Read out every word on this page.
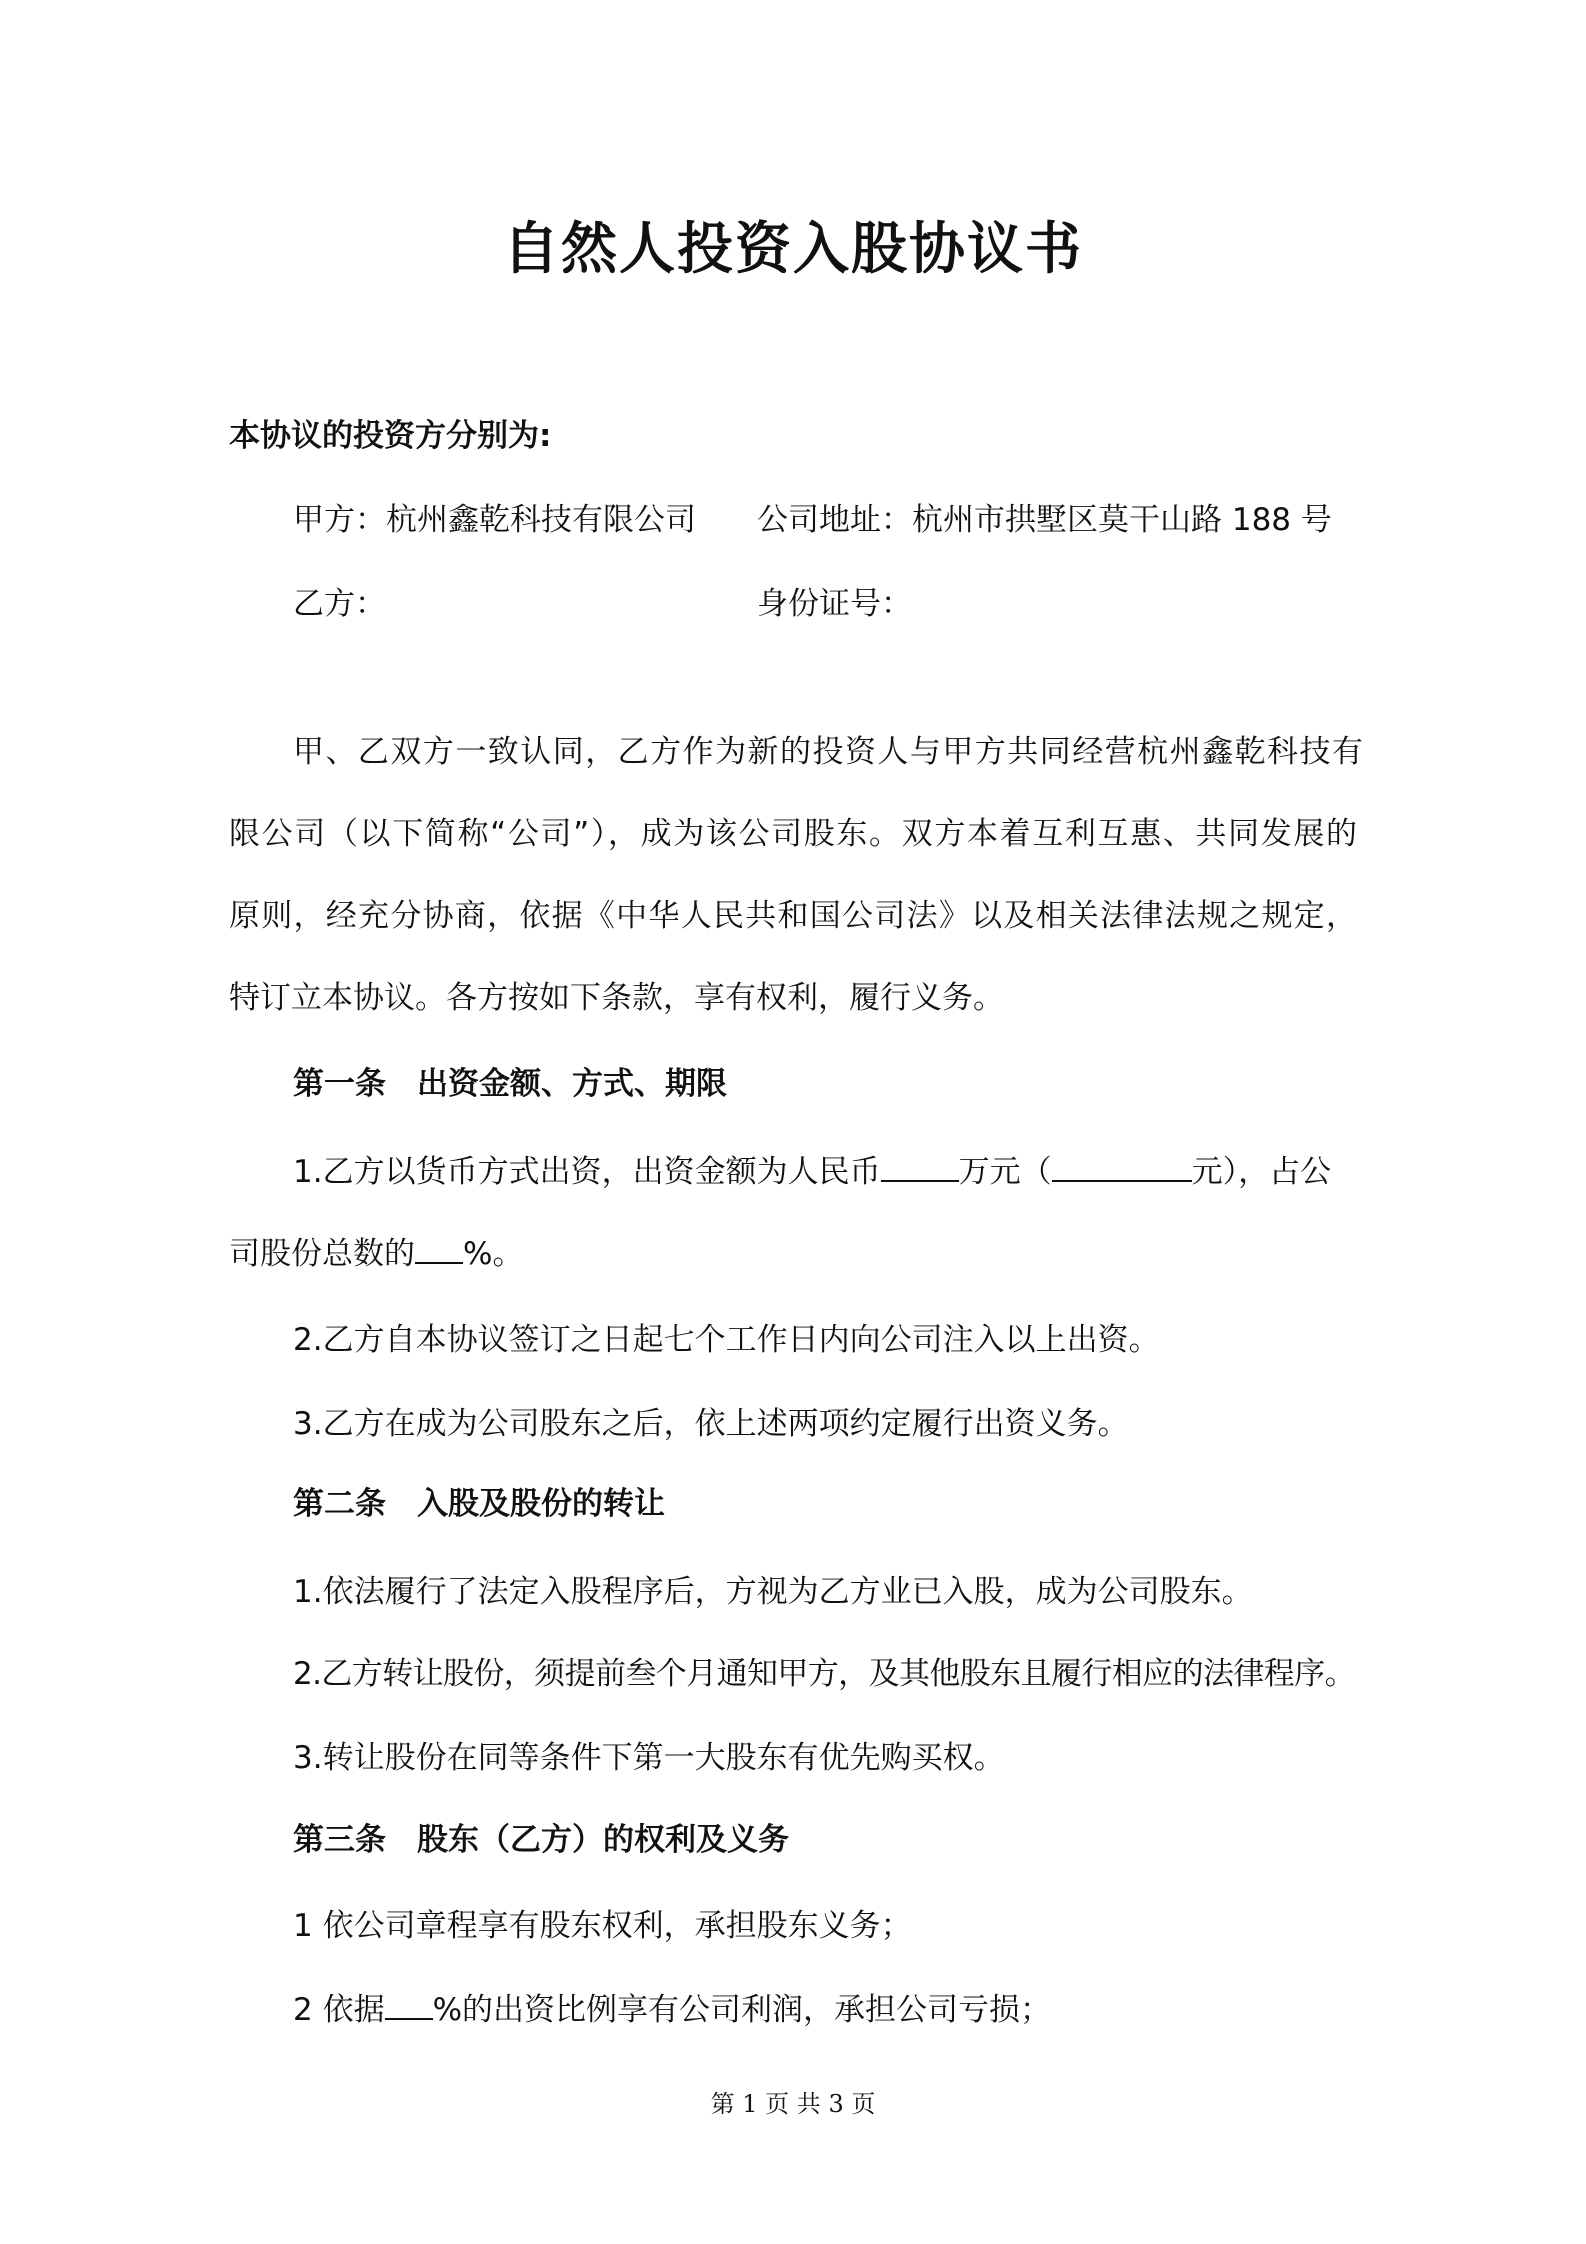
自然人投资入股协议书
本协议的投资方分别为:
甲方：杭州鑫乾科技有限公司 公司地址：杭州市拱墅区莫干山路 188 号
乙方：	身份证号：
甲、乙双方一致认同，乙方作为新的投资人与甲方共同经营杭州鑫乾科技有
限公司（以下简称“公司”），成为该公司股东。双方本着互利互惠、共同发展的
原则，经充分协商，依据《中华人民共和国公司法》以及相关法律法规之规定，
特订立本协议。各方按如下条款，享有权利，履行义务。
第一条　出资金额、方式、期限
1.乙方以货币方式出资，出资金额为人民币	万元（	元），占公
司股份总数的 %。
2.乙方自本协议签订之日起七个工作日内向公司注入以上出资。
3.乙方在成为公司股东之后，依上述两项约定履行出资义务。
第二条　入股及股份的转让
1.依法履行了法定入股程序后，方视为乙方业已入股，成为公司股东。
2.乙方转让股份，须提前叁个月通知甲方，及其他股东且履行相应的法律程序。
3.转让股份在同等条件下第一大股东有优先购买权。
第三条　股东（乙方）的权利及义务
1 依公司章程享有股东权利，承担股东义务；
2 依据 %的出资比例享有公司利润，承担公司亏损；
第 1 页 共 3 页
